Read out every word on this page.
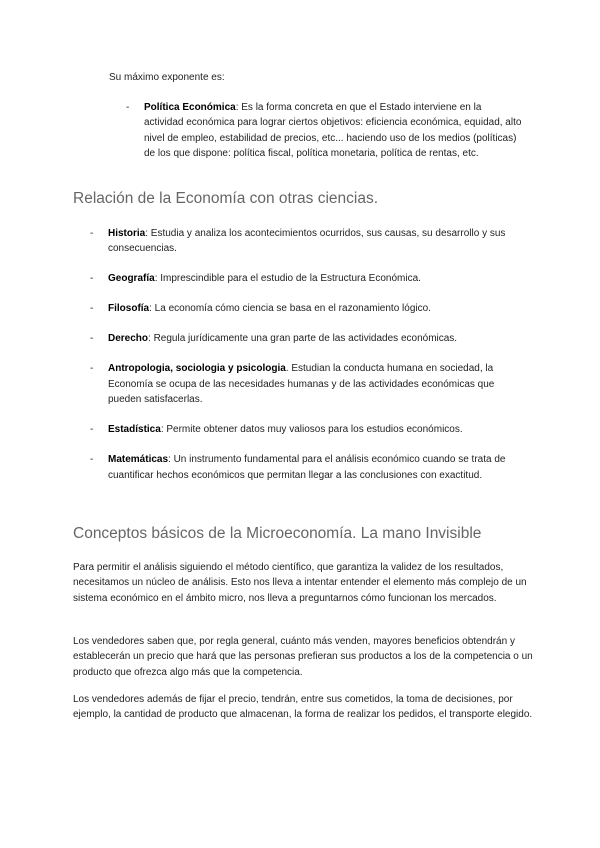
Su máximo exponente es:
- Política Económica: Es la forma concreta en que el Estado interviene en la actividad económica para lograr ciertos objetivos: eficiencia económica, equidad, alto nivel de empleo, estabilidad de precios, etc... haciendo uso de los medios (políticas) de los que dispone: política fiscal, política monetaria, política de rentas, etc.
Relación de la Economía con otras ciencias.
- Historia: Estudia y analiza los acontecimientos ocurridos, sus causas, su desarrollo y sus consecuencias.
- Geografía: Imprescindible para el estudio de la Estructura Económica.
- Filosofía: La economía cómo ciencia se basa en el razonamiento lógico.
- Derecho: Regula jurídicamente una gran parte de las actividades económicas.
- Antropologia, sociologia y psicologia. Estudian la conducta humana en sociedad, la Economía se ocupa de las necesidades humanas y de las actividades económicas que pueden satisfacerlas.
- Estadística: Permite obtener datos muy valiosos para los estudios económicos.
- Matemáticas: Un instrumento fundamental para el análisis económico cuando se trata de cuantificar hechos económicos que permitan llegar a las conclusiones con exactitud.
Conceptos básicos de la Microeconomía. La mano Invisible

Para permitir el análisis siguiendo el método científico, que garantiza la validez de los resultados, necesitamos un núcleo de análisis. Esto nos lleva a intentar entender el elemento más complejo de un sistema económico en el ámbito micro, nos lleva a preguntarnos cómo funcionan los mercados.

Los vendedores saben que, por regla general, cuánto más venden, mayores beneficios obtendrán y establecerán un precio que hará que las personas prefieran sus productos a los de la competencia o un producto que ofrezca algo más que la competencia.

Los vendedores además de fijar el precio, tendrán, entre sus cometidos, la toma de decisiones, por ejemplo, la cantidad de producto que almacenan, la forma de realizar los pedidos, el transporte elegido.
